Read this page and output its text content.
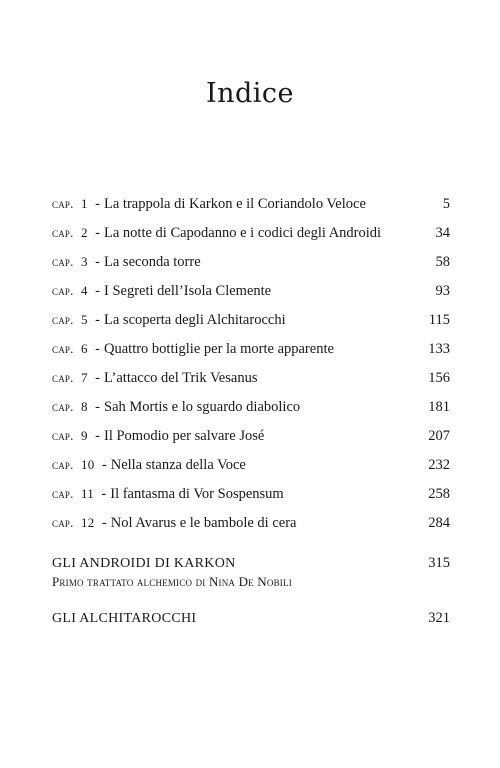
Indice
cap. 1 - La trappola di Karkon e il Coriandolo Veloce	5
cap. 2 - La notte di Capodanno e i codici degli Androidi	34
cap. 3 - La seconda torre	58
cap. 4 - I Segreti dell’Isola Clemente	93
cap. 5 - La scoperta degli Alchitarocchi	115
cap. 6 - Quattro bottiglie per la morte apparente	133
cap. 7 - L’attacco del Trik Vesanus	156
cap. 8 - Sah Mortis e lo sguardo diabolico	181
cap. 9 - Il Pomodio per salvare José	207
cap. 10 - Nella stanza della Voce	232
cap. 11 - Il fantasma di Vor Sospensum	258
cap. 12 - Nol Avarus e le bambole di cera	284
GLI ANDROIDI DI KARKON	315
Primo trattato alchemico di Nina De Nobili
GLI ALCHITAROCCHI	321
